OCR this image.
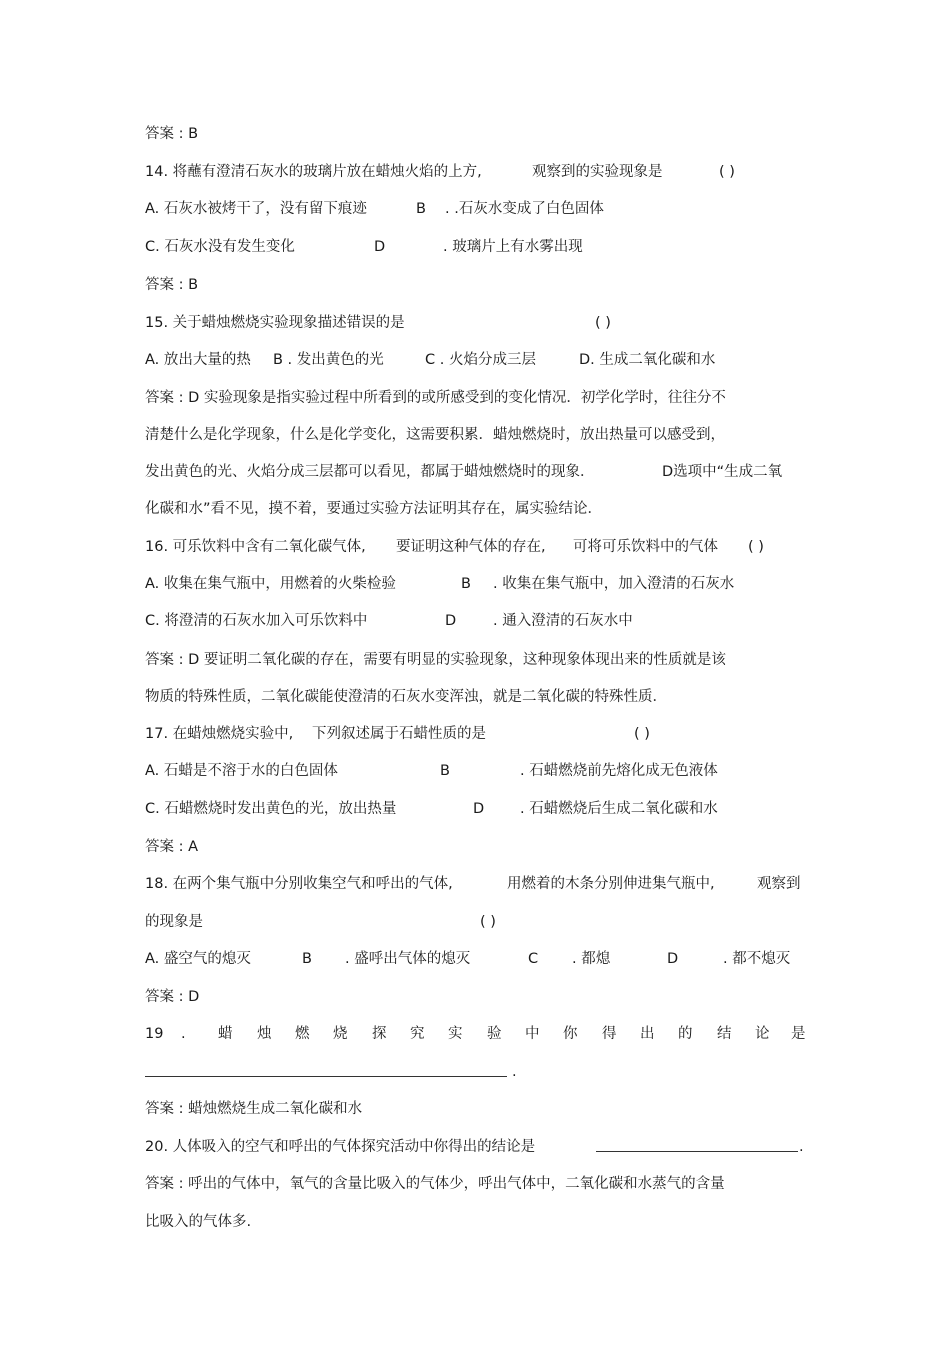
答案 : B
14. 将蘸有澄清石灰水的玻璃片放在蜡烛火焰的上方,	观察到的实验现象是	( )
A. 石灰水被烤干了，没有留下痕迹	B . .石灰水变成了白色固体
C. 石灰水没有发生变化	D	. 玻璃片上有水雾出现
答案 : B
15. 关于蜡烛燃烧实验现象描述错误的是	( )
A. 放出大量的热 B . 发出黄色的光	C . 火焰分成三层	D. 生成二氧化碳和水
答案 : D 实验现象是指实验过程中所看到的或所感受到的变化情况．初学化学时，往往分不
清楚什么是化学现象，什么是化学变化，这需要积累．蜡烛燃烧时，放出热量可以感受到，
发出黄色的光、火焰分成三层都可以看见，都属于蜡烛燃烧时的现象．	D选项中“生成二氧
化碳和水”看不见，摸不着，要通过实验方法证明其存在，属实验结论．
16. 可乐饮料中含有二氧化碳气体, 要证明这种气体的存在, 可将可乐饮料中的气体 ( )
A. 收集在集气瓶中，用燃着的火柴检验	B . 收集在集气瓶中，加入澄清的石灰水
C. 将澄清的石灰水加入可乐饮料中	D	. 通入澄清的石灰水中
答案 : D 要证明二氧化碳的存在，需要有明显的实验现象，这种现象体现出来的性质就是该
物质的特殊性质，二氧化碳能使澄清的石灰水变浑浊，就是二氧化碳的特殊性质．
17. 在蜡烛燃烧实验中, 下列叙述属于石蜡性质的是	( )
A. 石蜡是不溶于水的白色固体	B	. 石蜡燃烧前先熔化成无色液体
C. 石蜡燃烧时发出黄色的光，放出热量	D . 石蜡燃烧后生成二氧化碳和水
答案 : A
18. 在两个集气瓶中分别收集空气和呼出的气体,	用燃着的木条分别伸进集气瓶中,	观察到
的现象是	( )
A. 盛空气的熄灭	B . 盛呼出气体的熄灭	C . 都熄	D	. 都不熄灭
答案 : D
19 . 蜡 烛 燃 烧 探 究 实 验 中 你 得 出 的 结 论 是
.
答案 : 蜡烛燃烧生成二氧化碳和水
20. 人体吸入的空气和呼出的气体探究活动中你得出的结论是	.
答案 : 呼出的气体中，氧气的含量比吸入的气体少，呼出气体中，二氧化碳和水蒸气的含量
比吸入的气体多.
